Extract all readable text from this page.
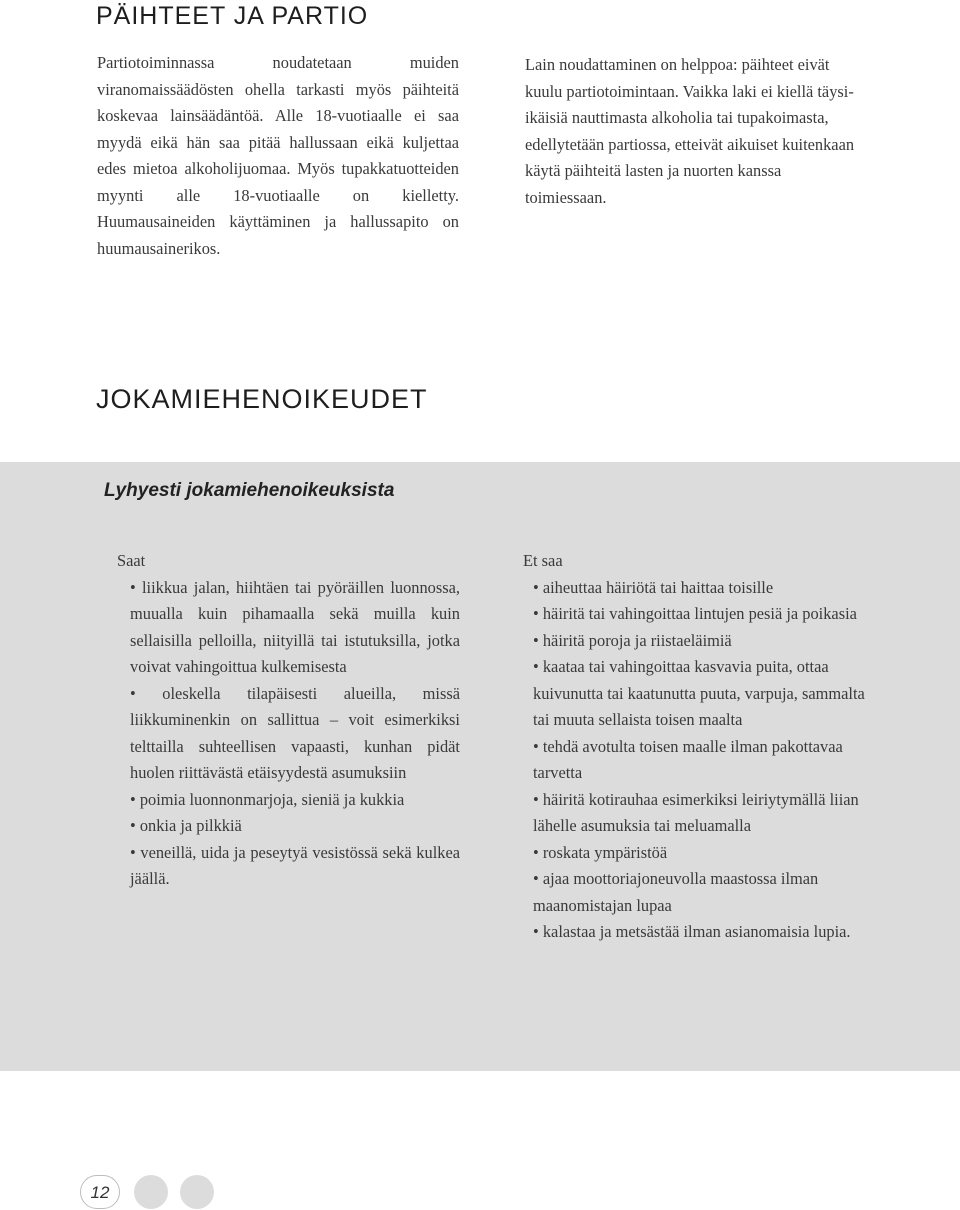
PÄIHTEET JA PARTIO

Partiotoiminnassa noudatetaan muiden viranomaissäädösten ohella tarkasti myös päihteitä koskevaa lainsäädäntöä. Alle 18-vuotiaalle ei saa myydä eikä hän saa pitää hallussaan eikä kuljettaa edes mietoa alkoholijuomaa. Myös tupakkatuotteiden myynti alle 18-vuotiaalle on kielletty. Huumausaineiden käyttäminen ja hallussapito on huumausainerikos.

Lain noudattaminen on helppoa: päihteet eivät kuulu partiotoimintaan. Vaikka laki ei kiellä täysi-ikäisiä nauttimasta alkoholia tai tupakoimasta, edellytetään partiossa, etteivät aikuiset kuitenkaan käytä päihteitä lasten ja nuorten kanssa toimiessaan.

JOKAMIEHENOIKEUDET
Lyhyesti jokamiehenoikeuksista
Saat
• liikkua jalan, hiihtäen tai pyöräillen luonnossa, muualla kuin pihamaalla sekä muilla kuin sellaisilla pelloilla, niityillä tai istutuksilla, jotka voivat vahingoittua kulkemisesta
• oleskella tilapäisesti alueilla, missä liikkuminenkin on sallittua – voit esimerkiksi telttailla suhteellisen vapaasti, kunhan pidät huolen riittävästä etäisyydestä asumuksiin
• poimia luonnonmarjoja, sieniä ja kukkia
• onkia ja pilkkiä
• veneillä, uida ja peseytyä vesistössä sekä kulkea jäällä.
Et saa
• aiheuttaa häiriötä tai haittaa toisille
• häiritä tai vahingoittaa lintujen pesiä ja poikasia
• häiritä poroja ja riistaeläimiä
• kaataa tai vahingoittaa kasvavia puita, ottaa kuivunutta tai kaatunutta puuta, varpuja, sammalta tai muuta sellaista toisen maalta
• tehdä avotulta toisen maalle ilman pakottavaa tarvetta
• häiritä kotirauhaa esimerkiksi leiriytymällä liian lähelle asumuksia tai meluamalla
• roskata ympäristöä
• ajaa moottoriajoneuvolla maastossa ilman maanomistajan lupaa
• kalastaa ja metsästää ilman asianomaisia lupia.
12
